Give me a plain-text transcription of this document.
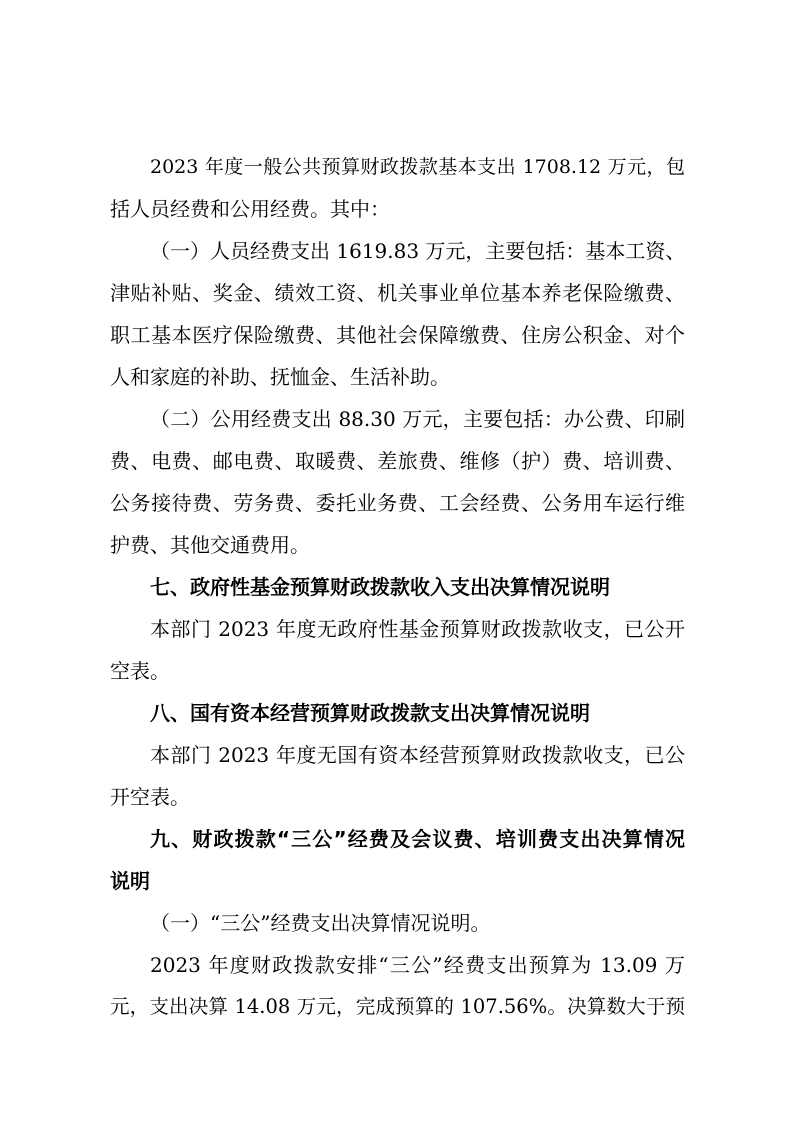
2023 年度一般公共预算财政拨款基本支出 1708.12 万元，包
括人员经费和公用经费。其中：
（一）人员经费支出 1619.83 万元，主要包括：基本工资、
津贴补贴、奖金、绩效工资、机关事业单位基本养老保险缴费、
职工基本医疗保险缴费、其他社会保障缴费、住房公积金、对个
人和家庭的补助、抚恤金、生活补助。
（二）公用经费支出 88.30 万元，主要包括：办公费、印刷
费、电费、邮电费、取暖费、差旅费、维修（护）费、培训费、
公务接待费、劳务费、委托业务费、工会经费、公务用车运行维
护费、其他交通费用。
七、政府性基金预算财政拨款收入支出决算情况说明
本部门 2023 年度无政府性基金预算财政拨款收支，已公开
空表。
八、国有资本经营预算财政拨款支出决算情况说明
本部门 2023 年度无国有资本经营预算财政拨款收支，已公
开空表。
九、财政拨款“三公”经费及会议费、培训费支出决算情况
说明
（一）“三公”经费支出决算情况说明。
2023 年度财政拨款安排“三公”经费支出预算为 13.09 万
元，支出决算 14.08 万元，完成预算的 107.56%。决算数大于预
